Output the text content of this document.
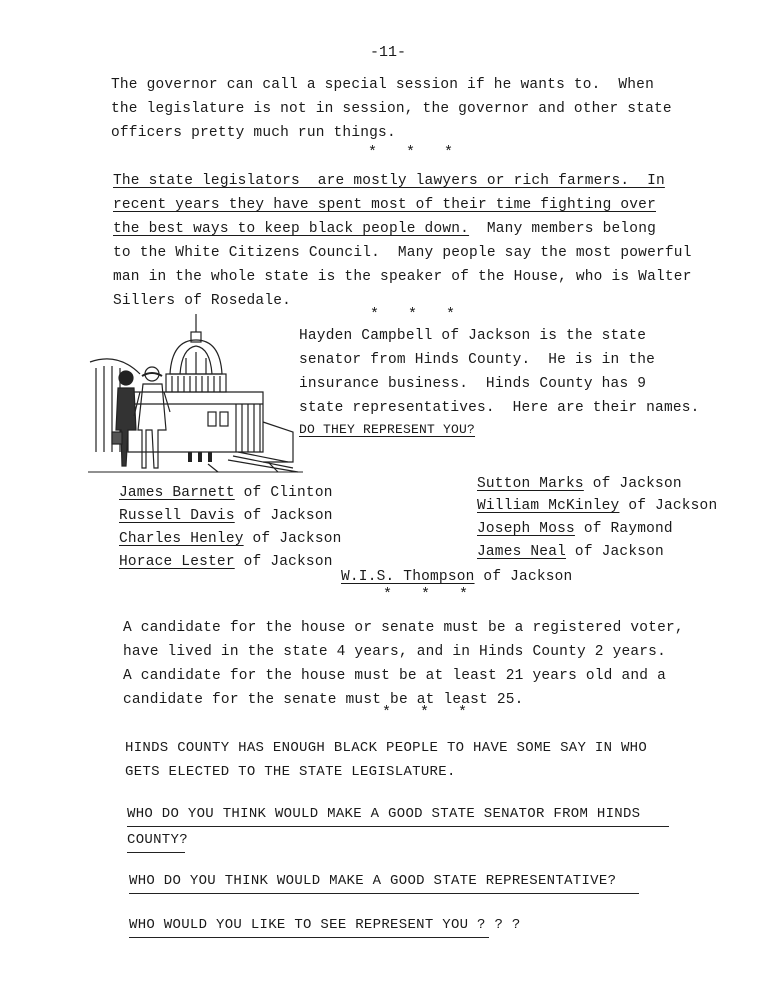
-11-
The governor can call a special session if he wants to.  When
the legislature is not in session, the governor and other state
officers pretty much run things.
* * *
The state legislators  are mostly lawyers or rich farmers.  In
recent years they have spent most of their time fighting over
the best ways to keep black people down.  Many members belong
to the White Citizens Council.  Many people say the most powerful
man in the whole state is the speaker of the House, who is Walter
Sillers of Rosedale.
* * *
Hayden Campbell of Jackson is the state
senator from Hinds County.  He is in the
insurance business.  Hinds County has 9
state representatives.  Here are their names.
DO THEY REPRESENT YOU?
James Barnett of Clinton
Russell Davis of Jackson
Charles Henley of Jackson
Horace Lester of Jackson
Sutton Marks of Jackson
William McKinley of Jackson
Joseph Moss of Raymond
James Neal of Jackson
W.I.S. Thompson of Jackson
* * *
A candidate for the house or senate must be a registered voter,
have lived in the state 4 years, and in Hinds County 2 years.
A candidate for the house must be at least 21 years old and a
candidate for the senate must be at least 25.
* * *
HINDS COUNTY HAS ENOUGH BLACK PEOPLE TO HAVE SOME SAY IN WHO
GETS ELECTED TO THE STATE LEGISLATURE.
WHO DO YOU THINK WOULD MAKE A GOOD STATE SENATOR FROM HINDS
COUNTY?
WHO DO YOU THINK WOULD MAKE A GOOD STATE REPRESENTATIVE?
WHO WOULD YOU LIKE TO SEE REPRESENT YOU ? ? ?
